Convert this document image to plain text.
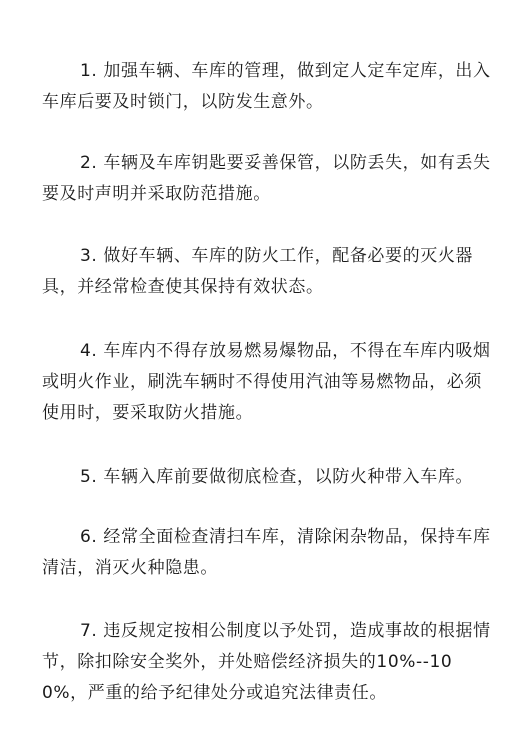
1. 加强车辆、车库的管理，做到定人定车定库，出入车库后要及时锁门，以防发生意外。

2. 车辆及车库钥匙要妥善保管，以防丢失，如有丢失要及时声明并采取防范措施。

3. 做好车辆、车库的防火工作，配备必要的灭火器具，并经常检查使其保持有效状态。

4. 车库内不得存放易燃易爆物品，不得在车库内吸烟或明火作业，刷洗车辆时不得使用汽油等易燃物品，必须使用时，要采取防火措施。

5. 车辆入库前要做彻底检查，以防火种带入车库。

6. 经常全面检查清扫车库，清除闲杂物品，保持车库清洁，消灭火种隐患。

7. 违反规定按相公制度以予处罚，造成事故的根据情节，除扣除安全奖外，并处赔偿经济损失的10%--100%，严重的给予纪律处分或追究法律责任。
